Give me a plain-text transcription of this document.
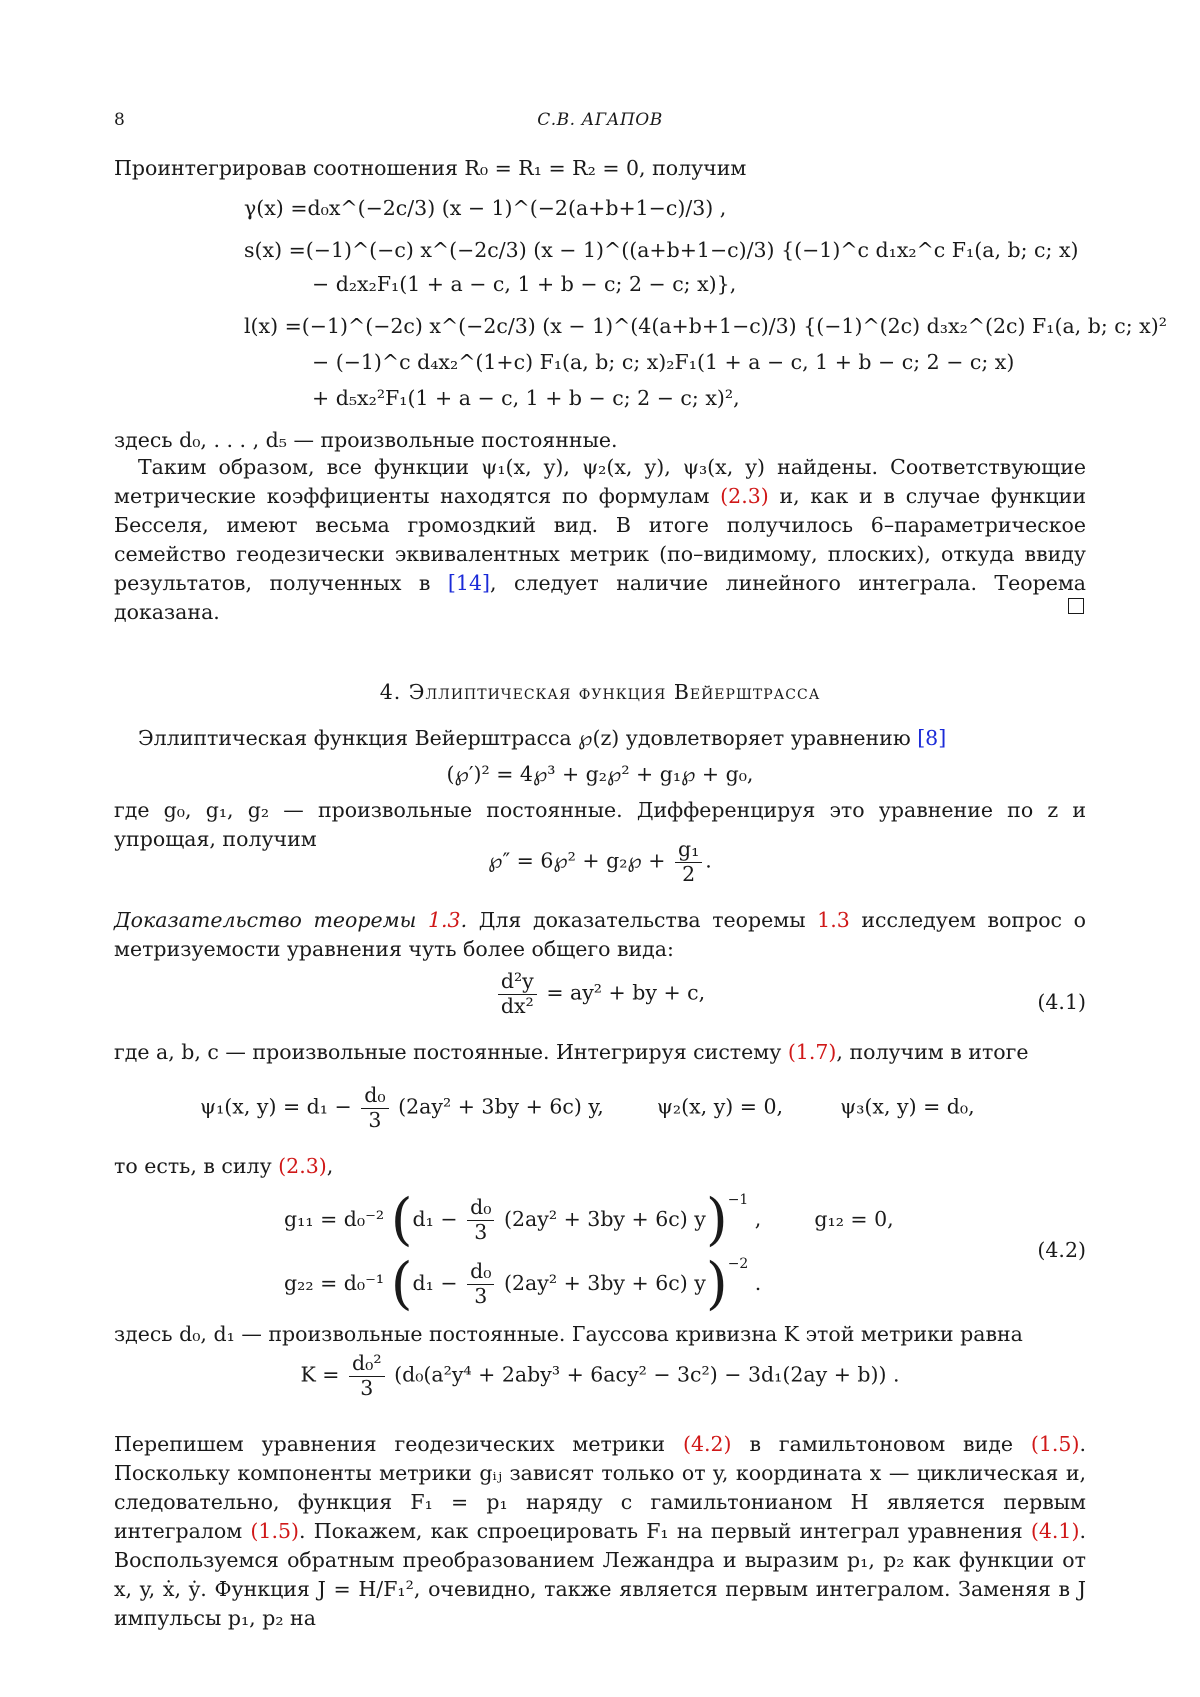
8	С.В. АГАПОВ
Проинтегрировав соотношения R₀ = R₁ = R₂ = 0, получим
γ(x) =d₀x^(−2c/3) (x − 1)^(−2(a+b+1−c)/3) ,
s(x) =(−1)^(−c) x^(−2c/3) (x − 1)^((a+b+1−c)/3) {(−1)^c d₁x₂^c F₁(a, b; c; x)
− d₂x₂F₁(1 + a − c, 1 + b − c; 2 − c; x)},
l(x) =(−1)^(−2c) x^(−2c/3) (x − 1)^(4(a+b+1−c)/3) {(−1)^(2c) d₃x₂^(2c) F₁(a, b; c; x)²
− (−1)^c d₄x₂^(1+c) F₁(a, b; c; x)₂F₁(1 + a − c, 1 + b − c; 2 − c; x)
+ d₅x₂²F₁(1 + a − c, 1 + b − c; 2 − c; x)²,
здесь d₀, . . . , d₅ — произвольные постоянные.
Таким образом, все функции ψ₁(x, y), ψ₂(x, y), ψ₃(x, y) найдены. Соответствующие метрические коэффициенты находятся по формулам (2.3) и, как и в случае функции Бесселя, имеют весьма громоздкий вид. В итоге получилось 6–параметрическое семейство геодезически эквивалентных метрик (по–видимому, плоских), откуда ввиду результатов, полученных в [14], следует наличие линейного интеграла. Теорема доказана.
4. Эллиптическая функция Вейерштрасса
Эллиптическая функция Вейерштрасса ℘(z) удовлетворяет уравнению [8]
(℘′)² = 4℘³ + g₂℘² + g₁℘ + g₀,
где g₀, g₁, g₂ — произвольные постоянные. Дифференцируя это уравнение по z и упрощая, получим
℘″ = 6℘² + g₂℘ + $\frac{\text{g₁}}{2}$ .
Доказательство теоремы 1.3. Для доказательства теоремы 1.3 исследуем вопрос о метризуемости уравнения чуть более общего вида:
$\frac{\text{d²y}}{\text{dx²}} = ay^2$ + by + c,	(4.1)
где a, b, c — произвольные постоянные. Интегрируя систему (1.7), получим в итоге
ψ₁(x, $y) = d_1 - \frac{\text{d₀}}{3} (2ay^2 + 3by + 6c)$ y,	ψ₂(x, y) = 0,	ψ₃(x, y) = d₀,
то есть, в силу (2.3),
g₁₁ = d₀⁻² ($d_1 - \frac{\text{d₀}}{3} (2ay^2 + 3by + 6c)$ y)$^{-1}$ ,  g₁₂ = 0,
g₂₂ = d₀⁻¹ ($d_1 - \frac{\text{d₀}}{3} (2ay^2 + 3by + 6c)$ y)$^{-2}$ .
(4.2)
здесь d₀, d₁ — произвольные постоянные. Гауссова кривизна K этой метрики равна
$K = \frac{\text{d₀²}}{3} (d_0(a^2y^4 + 2aby^3 + 6acy^2 - 3c^2) - 3d_1(2ay + b))$ .
Перепишем уравнения геодезических метрики (4.2) в гамильтоновом виде (1.5). Поскольку компоненты метрики gᵢⱼ зависят только от y, координата x — циклическая и, следовательно, функция F₁ = p₁ наряду с гамильтонианом H является первым интегралом (1.5). Покажем, как спроецировать F₁ на первый интеграл уравнения (4.1). Воспользуемся обратным преобразованием Лежандра и выразим p₁, p₂ как функции от x, y, ẋ, ẏ. Функция J = H/F₁², очевидно, также является первым интегралом. Заменяя в J импульсы p₁, p₂ на
